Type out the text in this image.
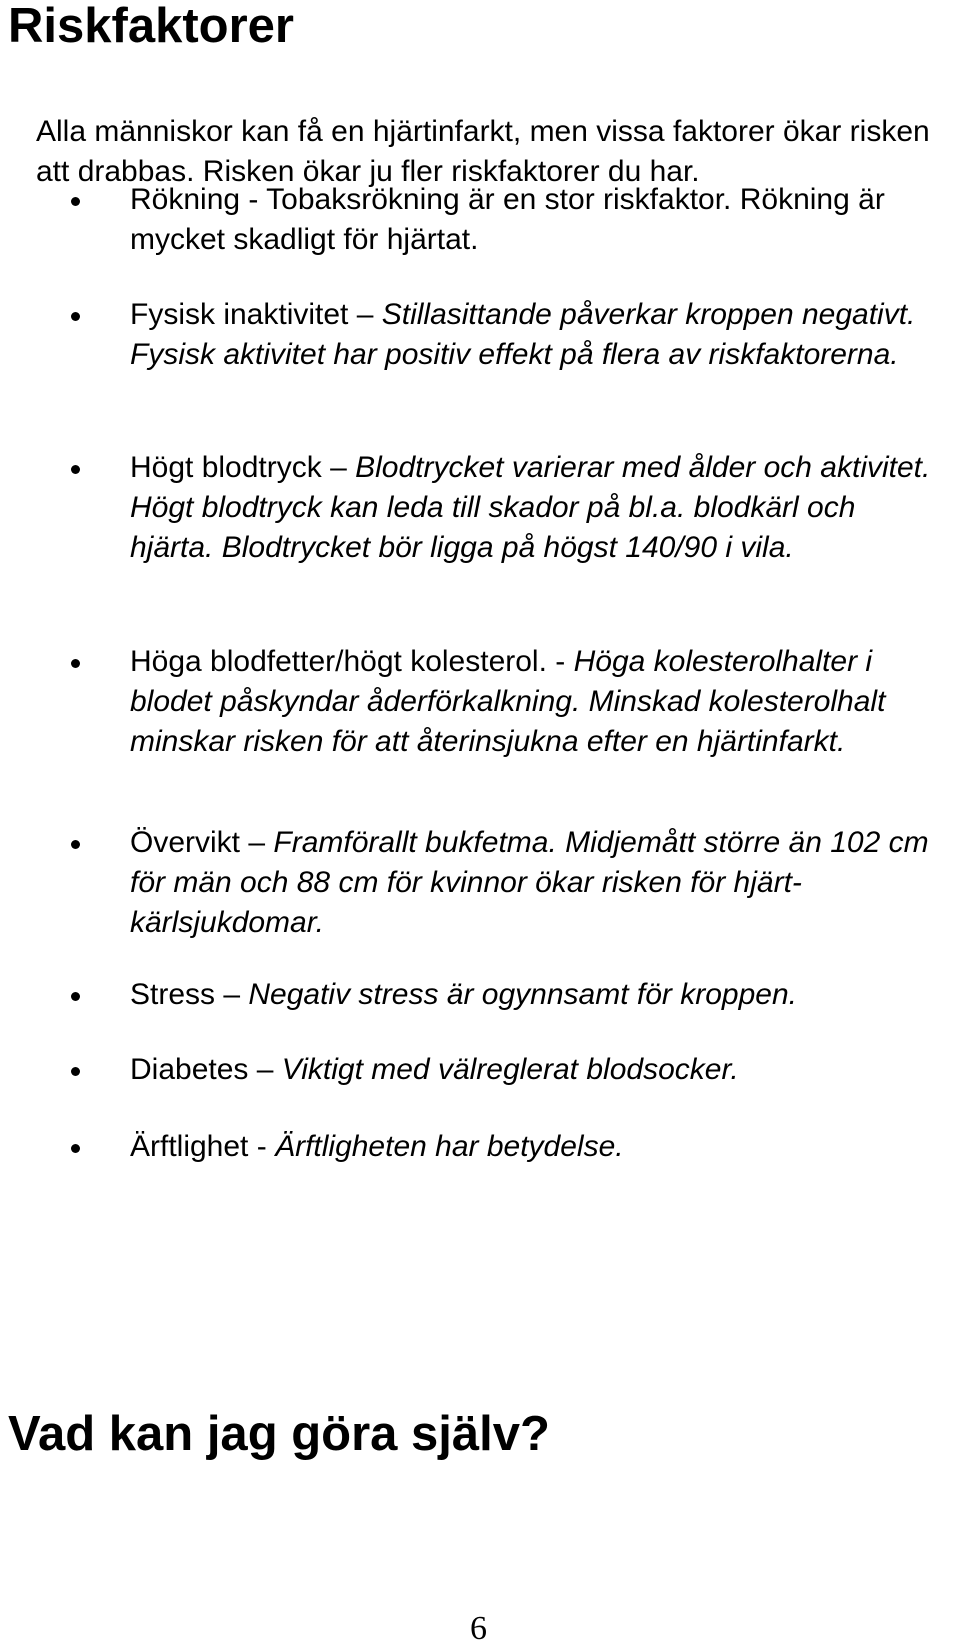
Riskfaktorer

Alla människor kan få en hjärtinfarkt, men vissa faktorer ökar risken att drabbas. Risken ökar ju fler riskfaktorer du har.

Rökning - Tobaksrökning är en stor riskfaktor. Rökning är mycket skadligt för hjärtat.

Fysisk inaktivitet – Stillasittande påverkar kroppen negativt. Fysisk aktivitet har positiv effekt på flera av riskfaktorerna.

Högt blodtryck – Blodtrycket varierar med ålder och aktivitet. Högt blodtryck kan leda till skador på bl.a. blodkärl och hjärta. Blodtrycket bör ligga på högst 140/90 i vila.

Höga blodfetter/högt kolesterol. - Höga kolesterolhalter i blodet påskyndar åderförkalkning. Minskad kolesterolhalt minskar risken för att återinsjukna efter en hjärtinfarkt.

Övervikt – Framförallt bukfetma. Midjemått större än 102 cm för män och 88 cm för kvinnor ökar risken för hjärt- kärlsjukdomar.

Stress – Negativ stress är ogynnsamt för kroppen.

Diabetes – Viktigt med välreglerat blodsocker.

Ärftlighet - Ärftligheten har betydelse.

Vad kan jag göra själv?
6
